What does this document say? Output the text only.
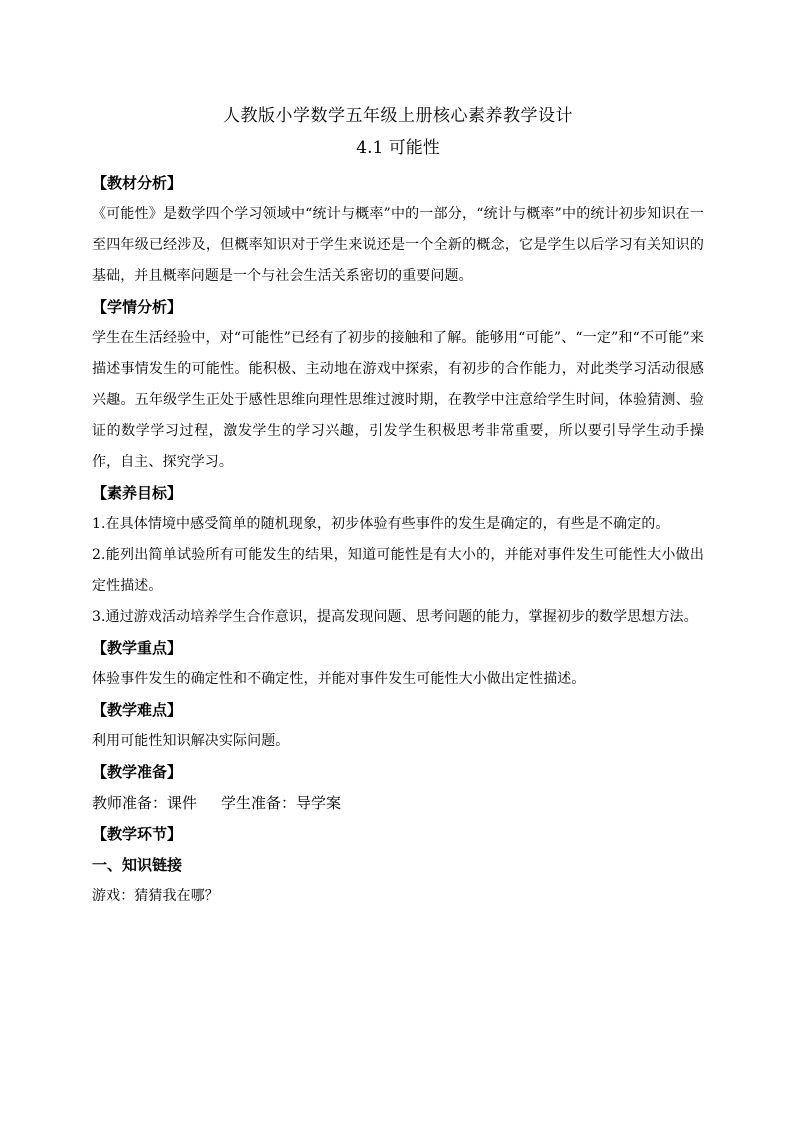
人教版小学数学五年级上册核心素养教学设计
4.1 可能性

【教材分析】

《可能性》是数学四个学习领域中“统计与概率”中的一部分，“统计与概率”中的统计初步知识在一至四年级已经涉及，但概率知识对于学生来说还是一个全新的概念，它是学生以后学习有关知识的基础，并且概率问题是一个与社会生活关系密切的重要问题。

【学情分析】

学生在生活经验中，对“可能性”已经有了初步的接触和了解。能够用“可能”、“一定”和“不可能”来描述事情发生的可能性。能积极、主动地在游戏中探索，有初步的合作能力，对此类学习活动很感兴趣。五年级学生正处于感性思维向理性思维过渡时期，在教学中注意给学生时间，体验猜测、验证的数学学习过程，激发学生的学习兴趣，引发学生积极思考非常重要，所以要引导学生动手操作，自主、探究学习。

【素养目标】

1.在具体情境中感受简单的随机现象，初步体验有些事件的发生是确定的，有些是不确定的。

2.能列出简单试验所有可能发生的结果，知道可能性是有大小的，并能对事件发生可能性大小做出定性描述。

3.通过游戏活动培养学生合作意识，提高发现问题、思考问题的能力，掌握初步的数学思想方法。

【教学重点】

体验事件发生的确定性和不确定性，并能对事件发生可能性大小做出定性描述。

【教学难点】

利用可能性知识解决实际问题。

【教学准备】

教师准备：课件 学生准备：导学案

【教学环节】

一、知识链接

游戏：猜猜我在哪？
